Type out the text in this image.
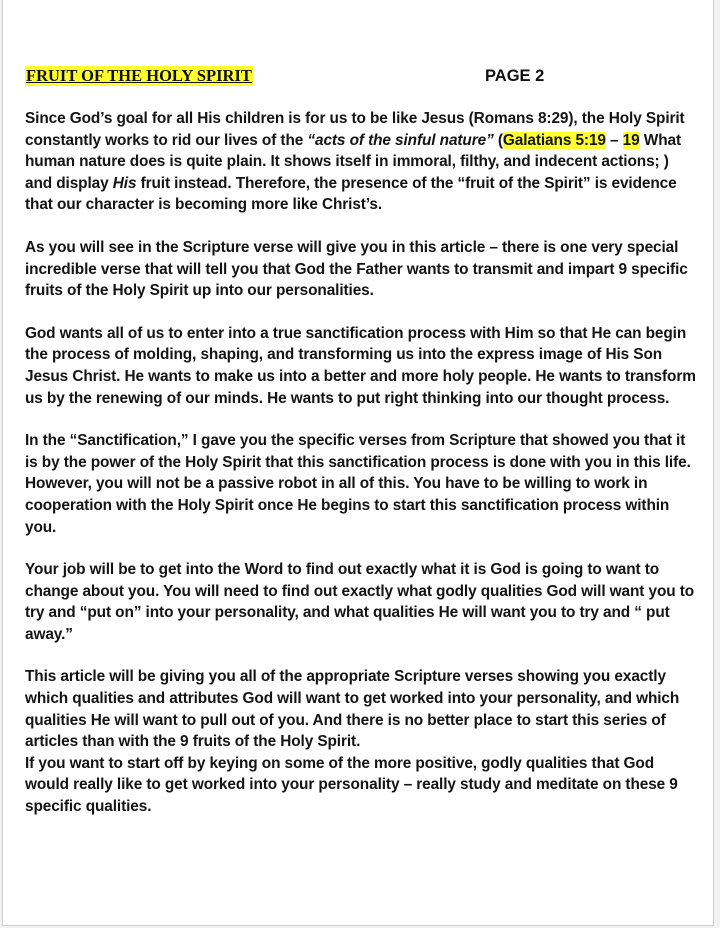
FRUIT OF THE HOLY SPIRIT	PAGE 2

Since God’s goal for all His children is for us to be like Jesus (Romans 8:29), the Holy Spirit constantly works to rid our lives of the “acts of the sinful nature” (Galatians 5:19 – 19 What human nature does is quite plain. It shows itself in immoral, filthy, and indecent actions; ) and display His fruit instead. Therefore, the presence of the “fruit of the Spirit” is evidence that our character is becoming more like Christ’s.

As you will see in the Scripture verse will give you in this article – there is one very special incredible verse that will tell you that God the Father wants to transmit and impart 9 specific fruits of the Holy Spirit up into our personalities.

God wants all of us to enter into a true sanctification process with Him so that He can begin the process of molding, shaping, and transforming us into the express image of His Son Jesus Christ. He wants to make us into a better and more holy people. He wants to transform us by the renewing of our minds. He wants to put right thinking into our thought process.

In the “Sanctification,” I gave you the specific verses from Scripture that showed you that it is by the power of the Holy Spirit that this sanctification process is done with you in this life. However, you will not be a passive robot in all of this. You have to be willing to work in cooperation with the Holy Spirit once He begins to start this sanctification process within you.

Your job will be to get into the Word to find out exactly what it is God is going to want to change about you. You will need to find out exactly what godly qualities God will want you to try and “put on” into your personality, and what qualities He will want you to try and “ put away.”

This article will be giving you all of the appropriate Scripture verses showing you exactly which qualities and attributes God will want to get worked into your personality, and which qualities He will want to pull out of you. And there is no better place to start this series of articles than with the 9 fruits of the Holy Spirit.

If you want to start off by keying on some of the more positive, godly qualities that God would really like to get worked into your personality – really study and meditate on these 9 specific qualities.
